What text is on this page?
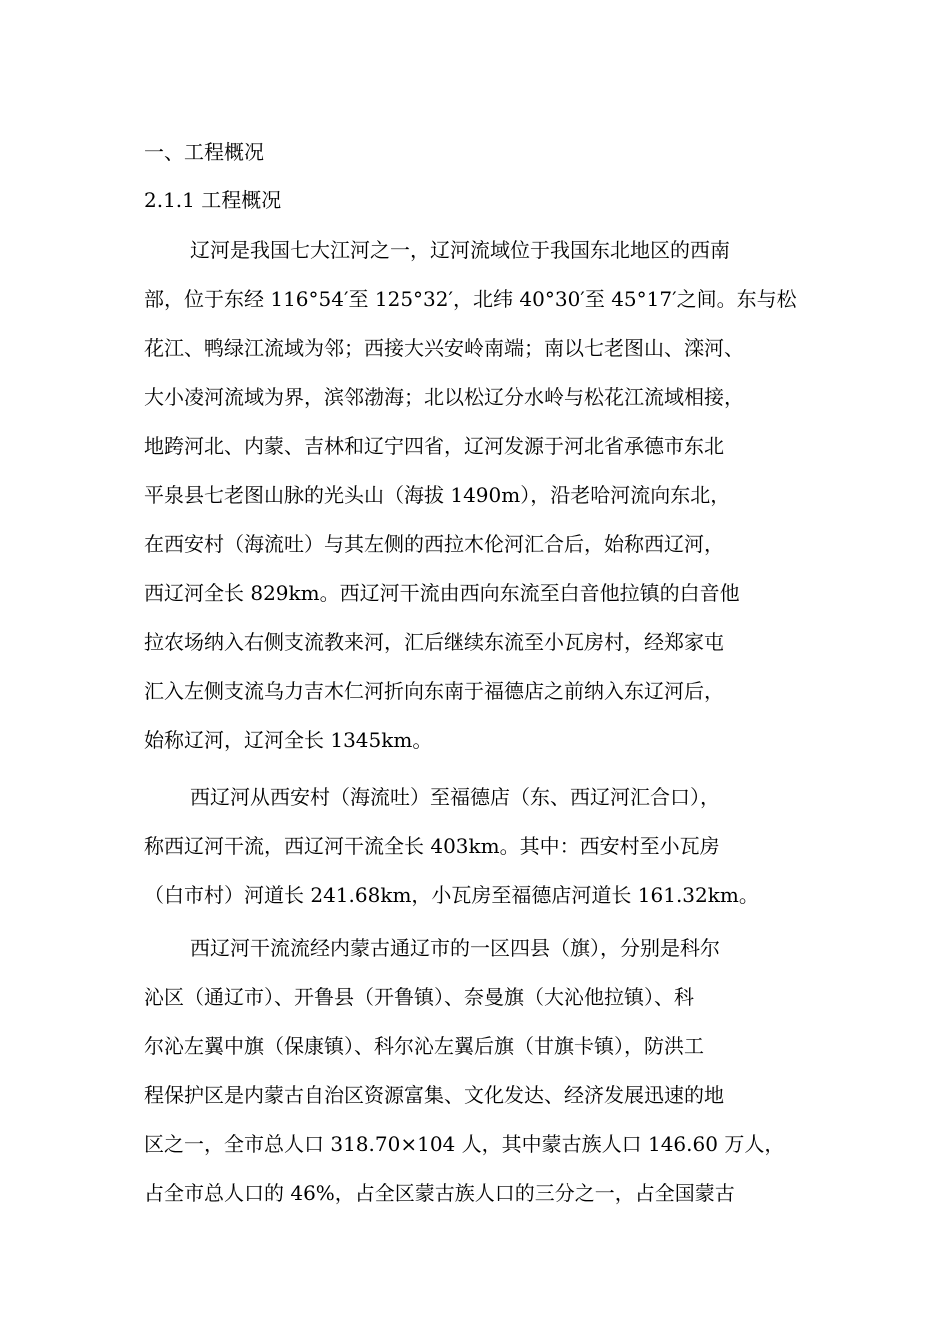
一、工程概况
2.1.1 工程概况
辽河是我国七大江河之一，辽河流域位于我国东北地区的西南
部，位于东经 116°54′至 125°32′，北纬 40°30′至 45°17′之间。东与松
花江、鸭绿江流域为邻；西接大兴安岭南端；南以七老图山、滦河、
大小凌河流域为界，滨邻渤海；北以松辽分水岭与松花江流域相接，
地跨河北、内蒙、吉林和辽宁四省，辽河发源于河北省承德市东北
平泉县七老图山脉的光头山（海拔 1490m），沿老哈河流向东北，
在西安村（海流吐）与其左侧的西拉木伦河汇合后，始称西辽河，
西辽河全长 829km。西辽河干流由西向东流至白音他拉镇的白音他
拉农场纳入右侧支流教来河，汇后继续东流至小瓦房村，经郑家屯
汇入左侧支流乌力吉木仁河折向东南于福德店之前纳入东辽河后，
始称辽河，辽河全长 1345km。
西辽河从西安村（海流吐）至福德店（东、西辽河汇合口），
称西辽河干流，西辽河干流全长 403km。其中：西安村至小瓦房
（白市村）河道长 241.68km，小瓦房至福德店河道长 161.32km。
西辽河干流流经内蒙古通辽市的一区四县（旗），分别是科尔
沁区（通辽市）、开鲁县（开鲁镇）、奈曼旗（大沁他拉镇）、科
尔沁左翼中旗（保康镇）、科尔沁左翼后旗（甘旗卡镇），防洪工
程保护区是内蒙古自治区资源富集、文化发达、经济发展迅速的地
区之一，全市总人口 318.70×104 人，其中蒙古族人口 146.60 万人，
占全市总人口的 46%，占全区蒙古族人口的三分之一，占全国蒙古
